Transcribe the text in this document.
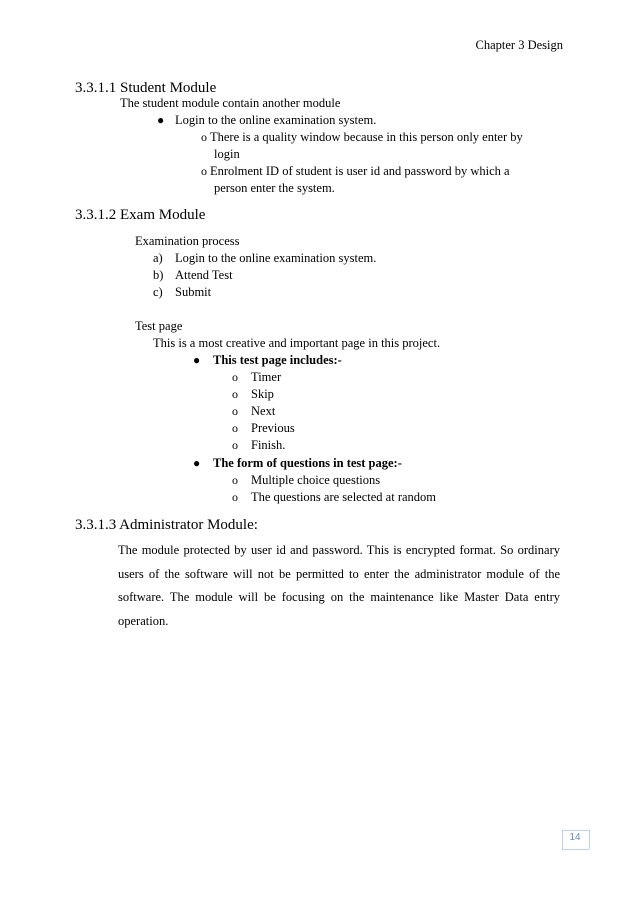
Chapter 3 Design
3.3.1.1 Student Module
The student module contain another module
● Login to the online examination system.
o There is a quality window because in this person only enter by
login
o Enrolment ID of student is user id and password by which a
person enter the system.
3.3.1.2 Exam Module
Examination process
a) Login to the online examination system.
b) Attend Test
c) Submit
Test page
This is a most creative and important page in this project.
● This test page includes:-
o Timer
o Skip
o Next
o Previous
o Finish.
● The form of questions in test page:-
o Multiple choice questions
o The questions are selected at random
3.3.1.3 Administrator Module:
The module protected by user id and password. This is encrypted format. So ordinary users of the software will not be permitted to enter the administrator module of the software. The module will be focusing on the maintenance like Master Data entry operation.
14
